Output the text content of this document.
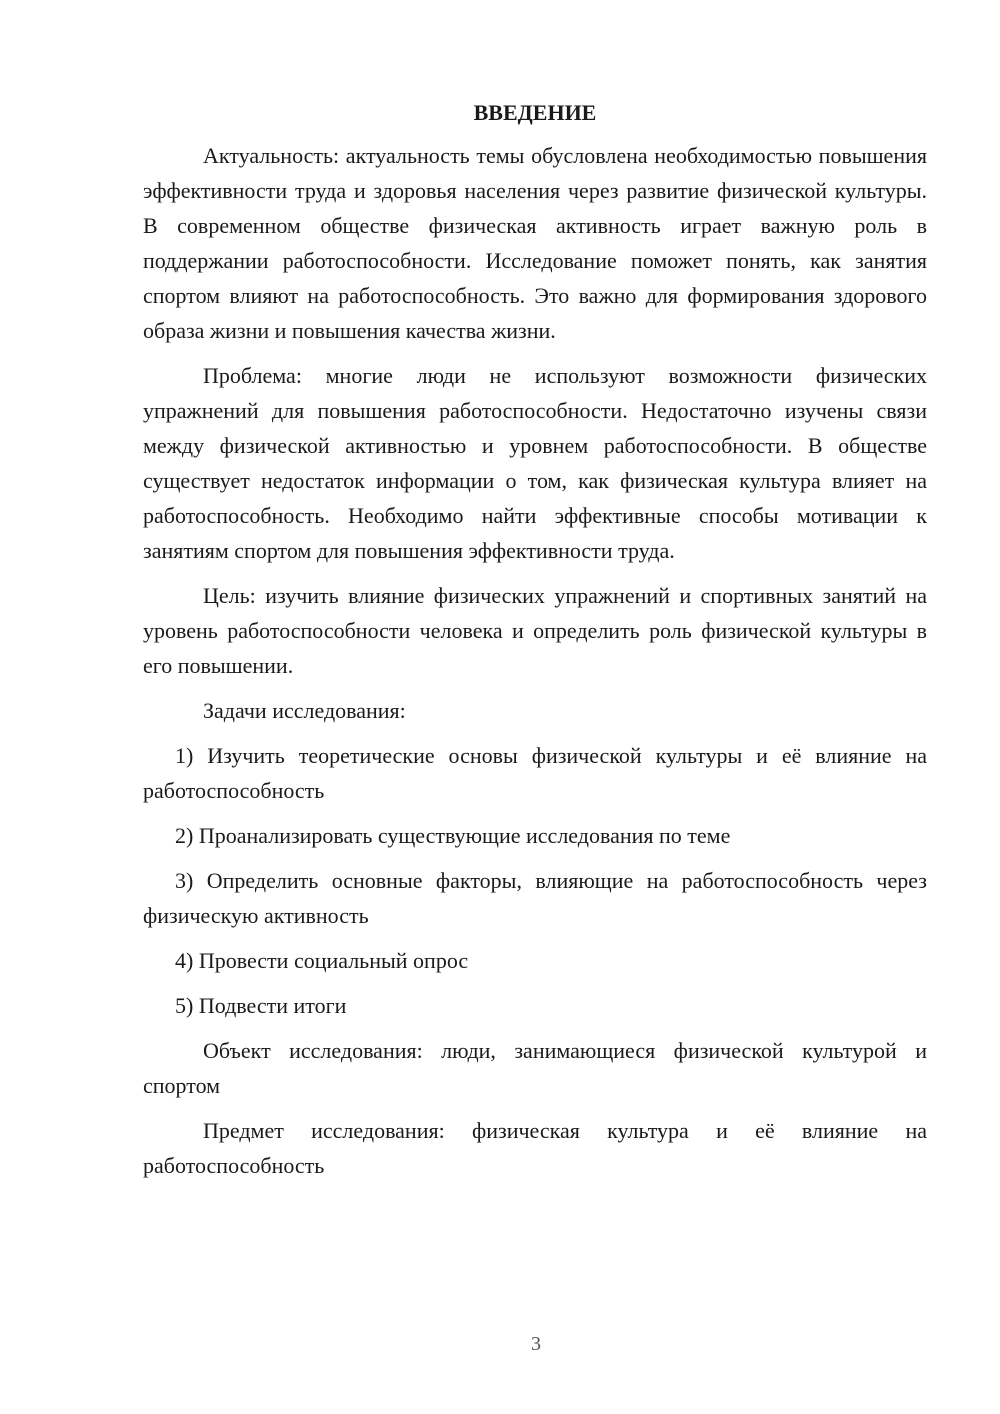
ВВЕДЕНИЕ

Актуальность: актуальность темы обусловлена необходимостью повышения эффективности труда и здоровья населения через развитие физической культуры. В современном обществе физическая активность играет важную роль в поддержании работоспособности. Исследование поможет понять, как занятия спортом влияют на работоспособность. Это важно для формирования здорового образа жизни и повышения качества жизни.

Проблема: многие люди не используют возможности физических упражнений для повышения работоспособности. Недостаточно изучены связи между физической активностью и уровнем работоспособности. В обществе существует недостаток информации о том, как физическая культура влияет на работоспособность. Необходимо найти эффективные способы мотивации к занятиям спортом для повышения эффективности труда.

Цель: изучить влияние физических упражнений и спортивных занятий на уровень работоспособности человека и определить роль физической культуры в его повышении.

Задачи исследования:

1) Изучить теоретические основы физической культуры и её влияние на работоспособность

2) Проанализировать существующие исследования по теме

3) Определить основные факторы, влияющие на работоспособность через физическую активность

4) Провести социальный опрос

5) Подвести итоги

Объект исследования: люди, занимающиеся физической культурой и спортом

Предмет исследования: физическая культура и её влияние на работоспособность

3
